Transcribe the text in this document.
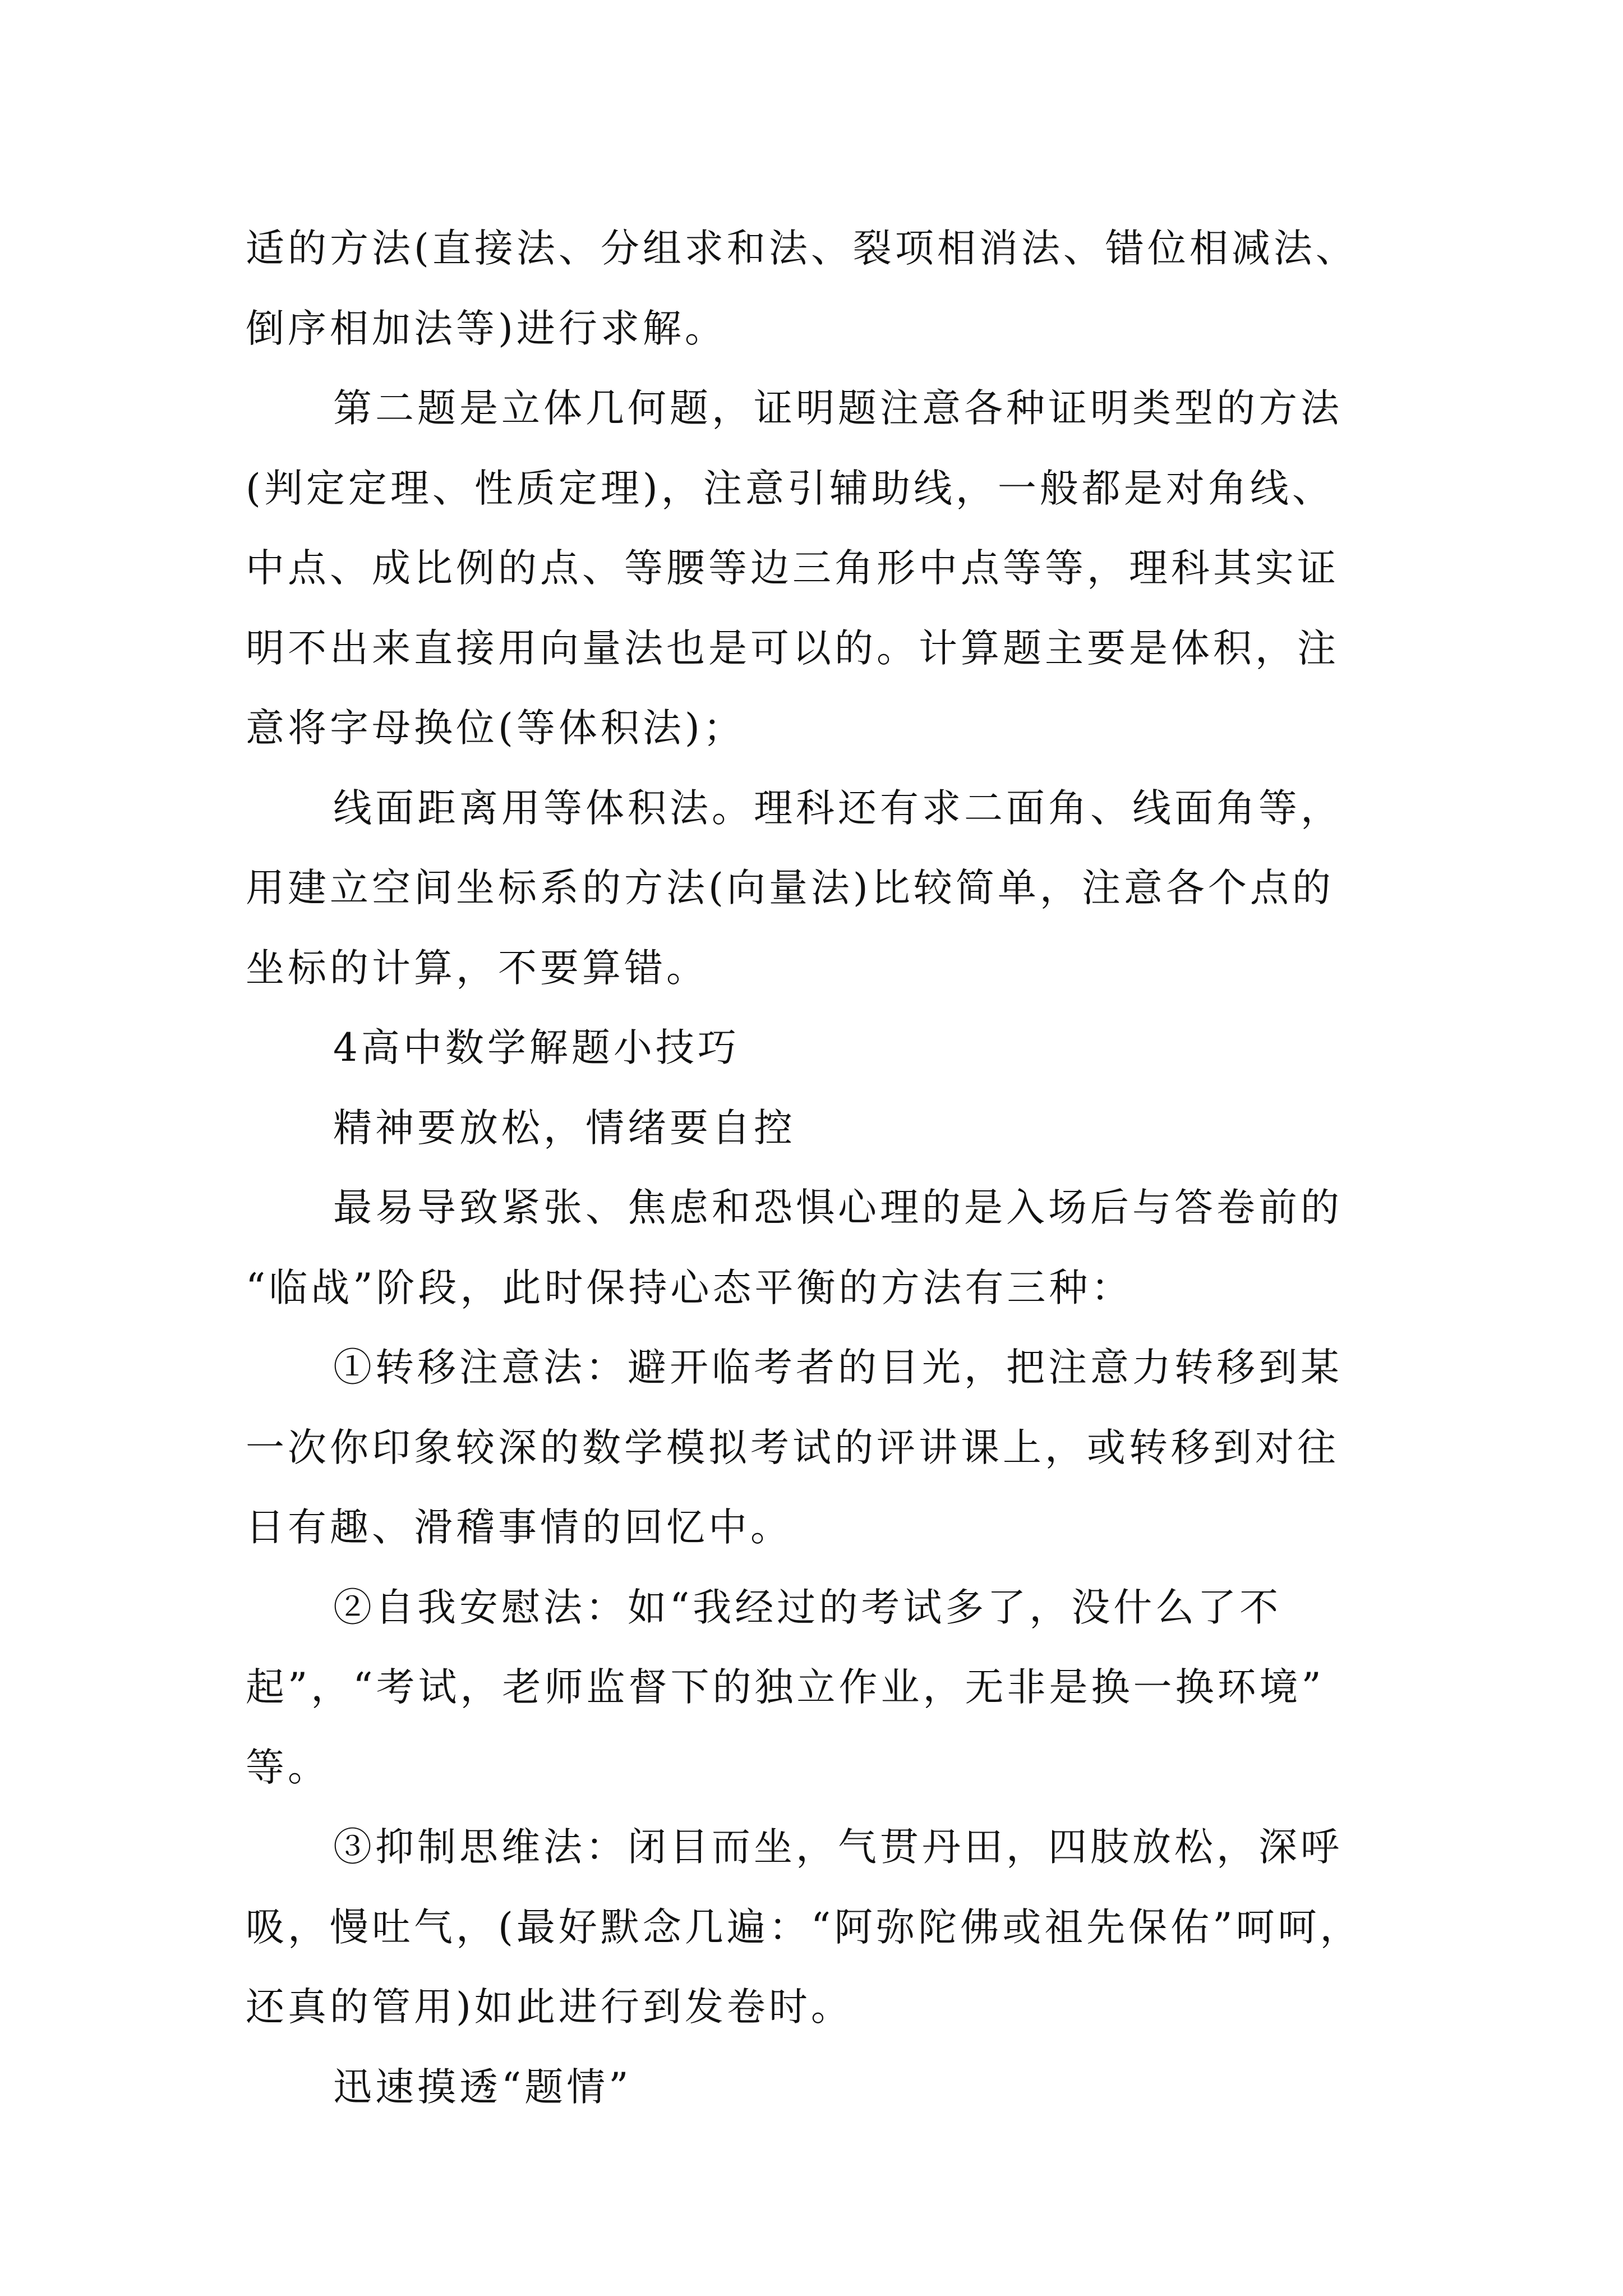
适的方法(直接法、分组求和法、裂项相消法、错位相减法、
倒序相加法等)进行求解。

第二题是立体几何题，证明题注意各种证明类型的方法
(判定定理、性质定理)，注意引辅助线，一般都是对角线、
中点、成比例的点、等腰等边三角形中点等等，理科其实证
明不出来直接用向量法也是可以的。计算题主要是体积，注
意将字母换位(等体积法)；

线面距离用等体积法。理科还有求二面角、线面角等，
用建立空间坐标系的方法(向量法)比较简单，注意各个点的
坐标的计算，不要算错。

4高中数学解题小技巧

精神要放松，情绪要自控

最易导致紧张、焦虑和恐惧心理的是入场后与答卷前的
“临战”阶段，此时保持心态平衡的方法有三种：

①转移注意法：避开临考者的目光，把注意力转移到某
一次你印象较深的数学模拟考试的评讲课上，或转移到对往
日有趣、滑稽事情的回忆中。

②自我安慰法：如“我经过的考试多了，没什么了不
起”，“考试，老师监督下的独立作业，无非是换一换环境”
等。

③抑制思维法：闭目而坐，气贯丹田，四肢放松，深呼
吸，慢吐气，(最好默念几遍：“阿弥陀佛或祖先保佑”呵呵，
还真的管用)如此进行到发卷时。

迅速摸透“题情”
